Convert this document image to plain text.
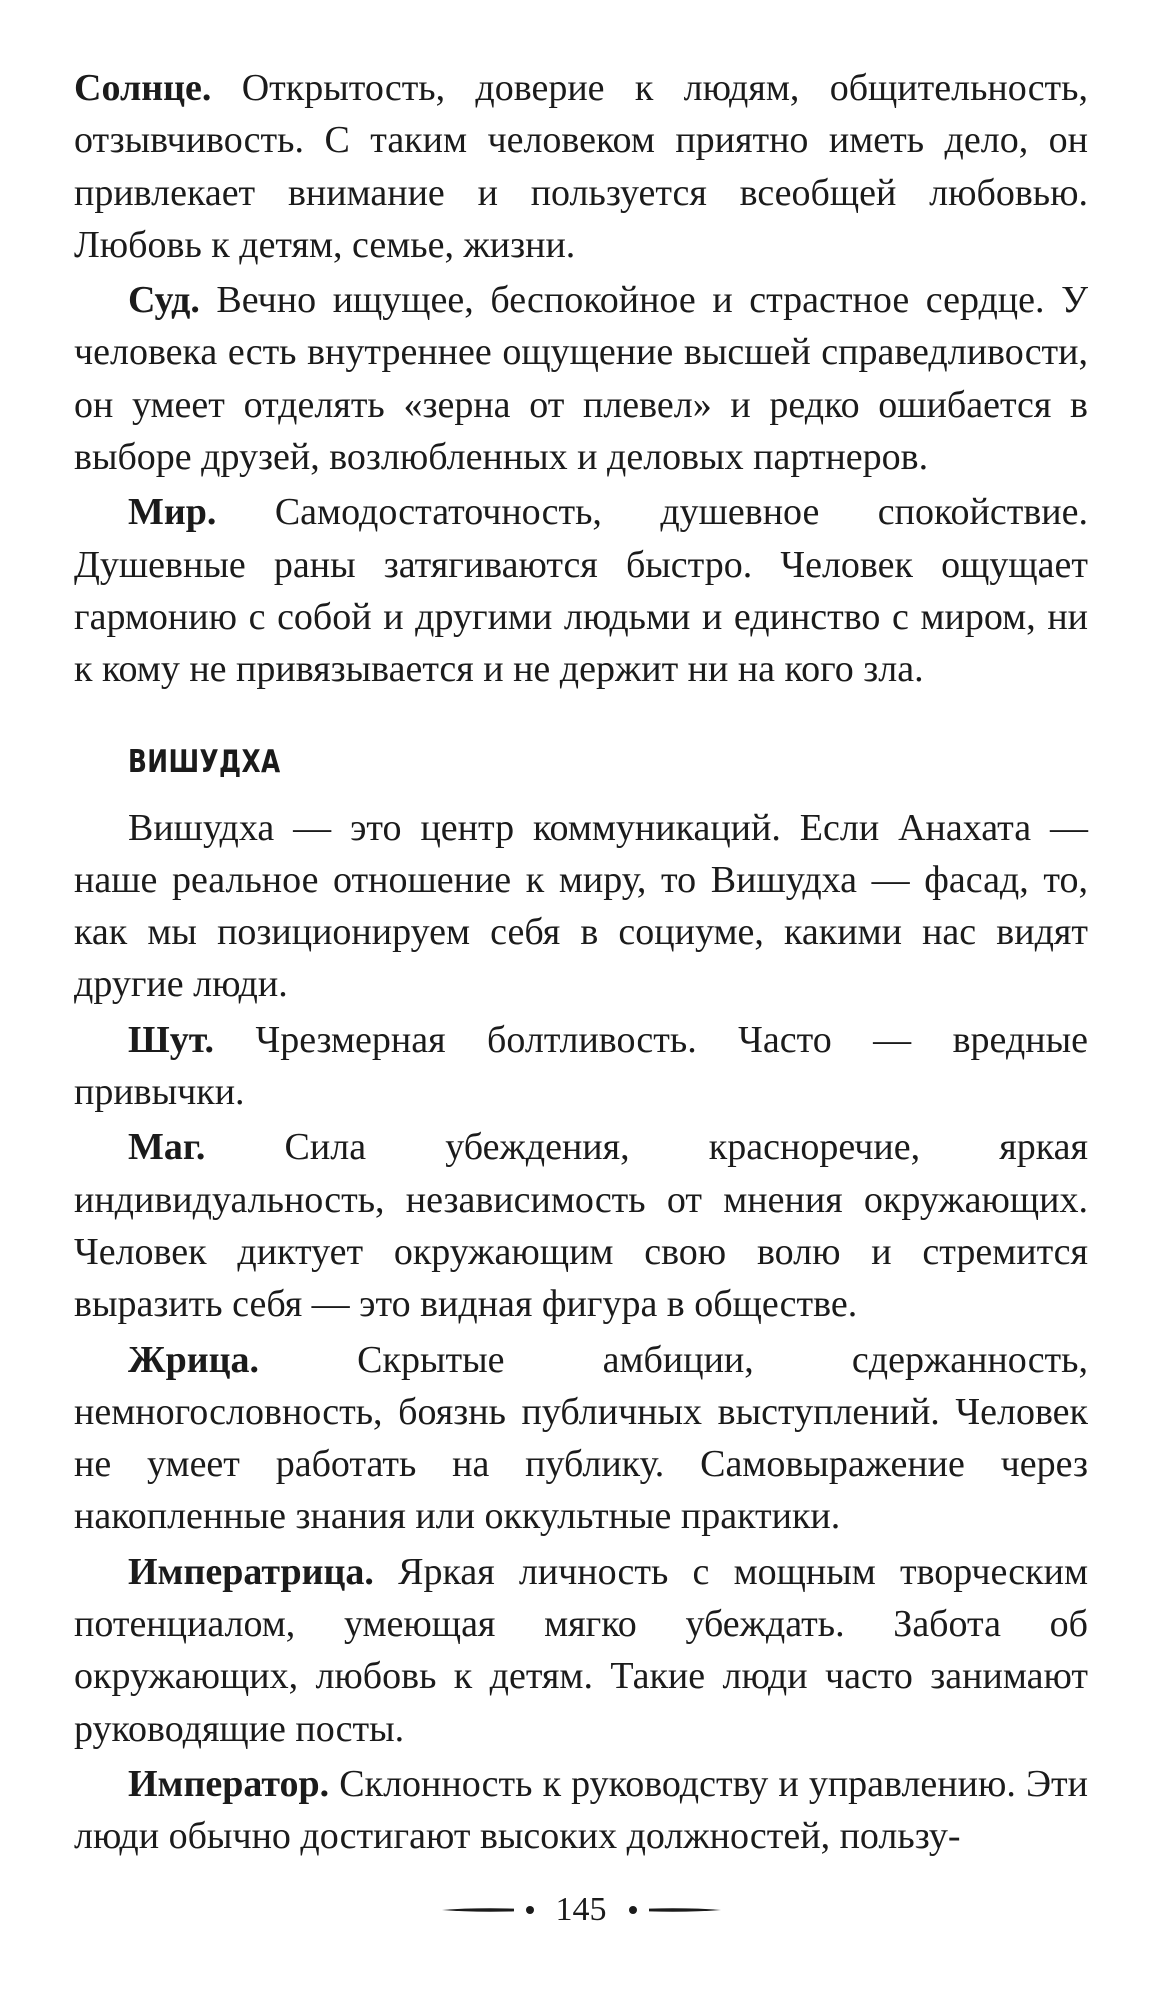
Солнце. Открытость, доверие к людям, общительность, отзывчивость. С таким человеком приятно иметь дело, он привлекает внимание и пользуется всеобщей любовью. Любовь к детям, семье, жизни.

Суд. Вечно ищущее, беспокойное и страстное сердце. У человека есть внутреннее ощущение высшей справедливости, он умеет отделять «зерна от плевел» и редко ошибается в выборе друзей, возлюбленных и деловых партнеров.

Мир. Самодостаточность, душевное спокойствие. Душевные раны затягиваются быстро. Человек ощущает гармонию с собой и другими людьми и единство с миром, ни к кому не привязывается и не держит ни на кого зла.

ВИШУДХА

Вишудха — это центр коммуникаций. Если Анахата — наше реальное отношение к миру, то Вишудха — фасад, то, как мы позиционируем себя в социуме, какими нас видят другие люди.

Шут. Чрезмерная болтливость. Часто — вредные привычки.

Маг. Сила убеждения, красноречие, яркая индивидуальность, независимость от мнения окружающих. Человек диктует окружающим свою волю и стремится выразить себя — это видная фигура в обществе.

Жрица. Скрытые амбиции, сдержанность, немногословность, боязнь публичных выступлений. Человек не умеет работать на публику. Самовыражение через накопленные знания или оккультные практики.

Императрица. Яркая личность с мощным творческим потенциалом, умеющая мягко убеждать. Забота об окружающих, любовь к детям. Такие люди часто занимают руководящие посты.

Император. Склонность к руководству и управлению. Эти люди обычно достигают высоких должностей, пользу-

145
